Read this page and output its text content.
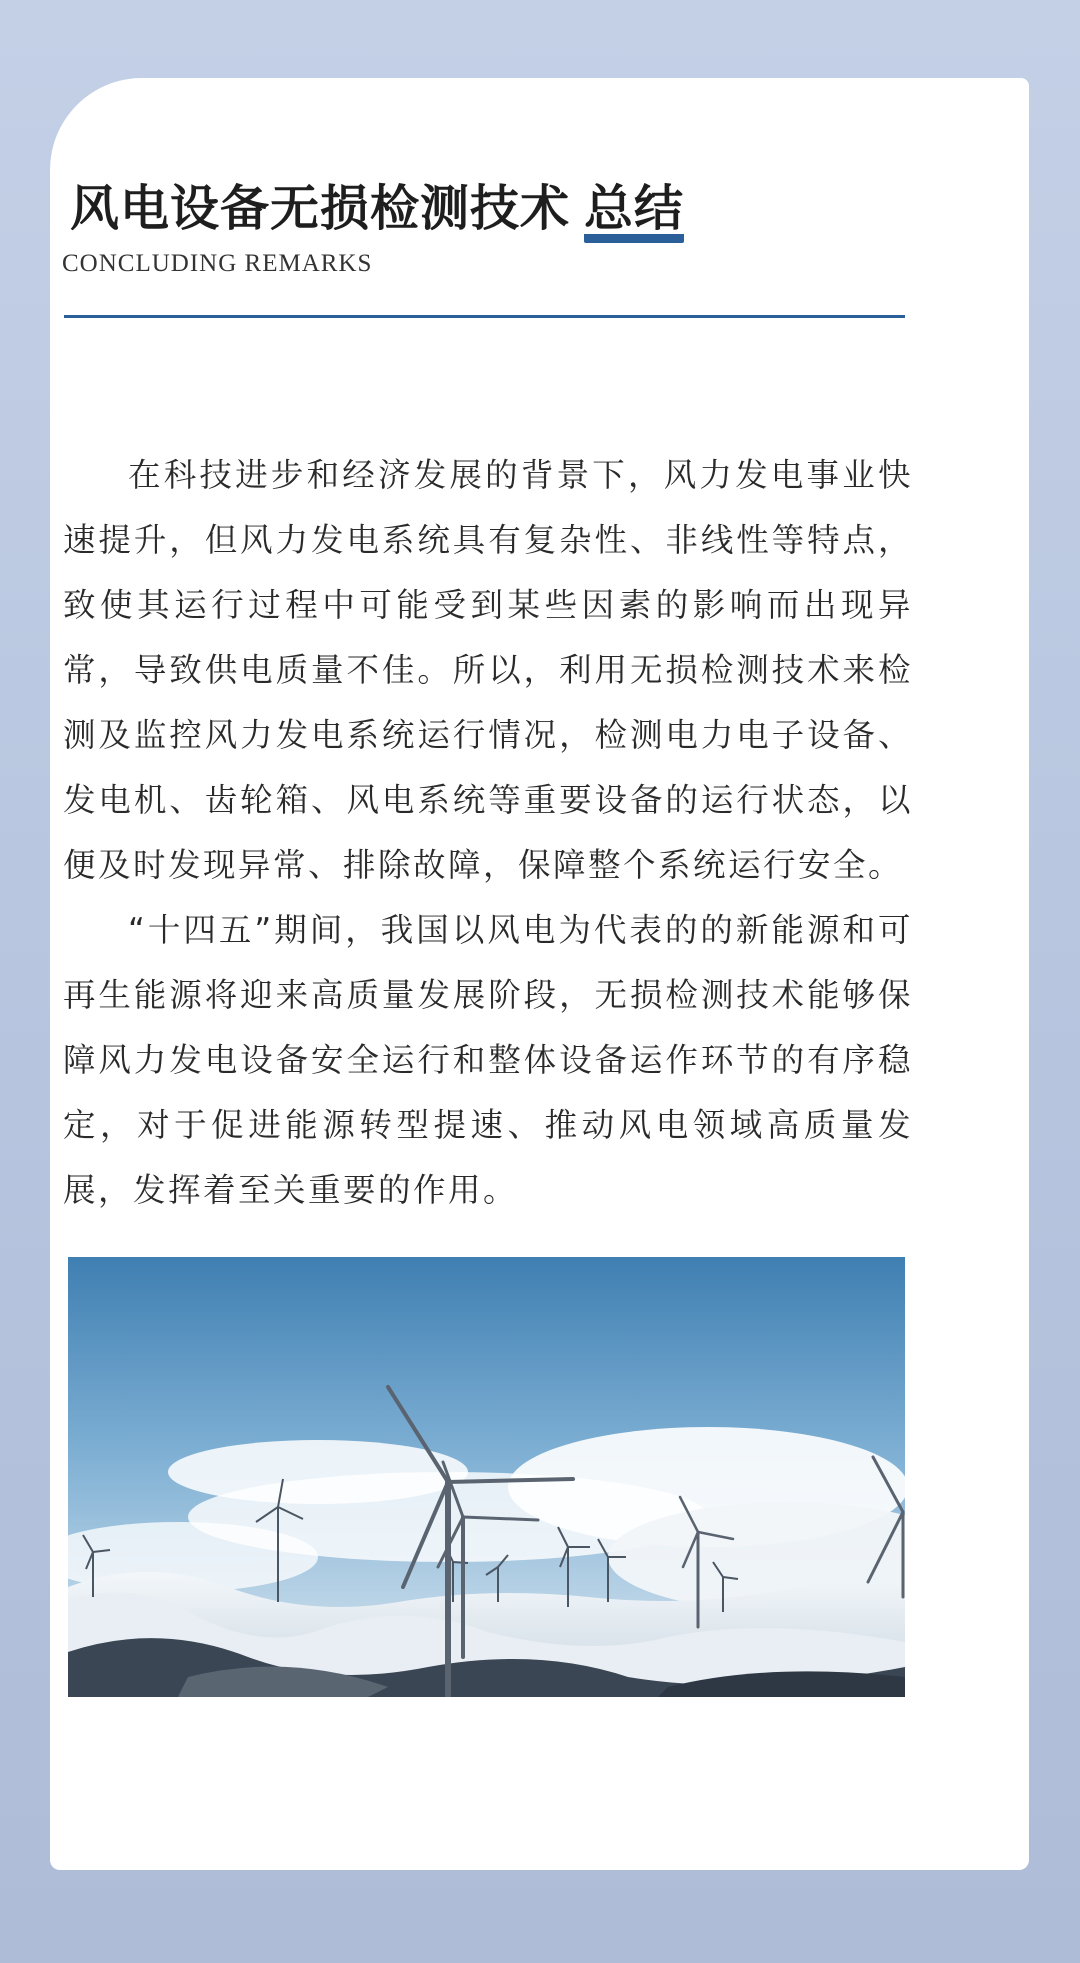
风电设备无损检测技术 总结
CONCLUDING REMARKS

在科技进步和经济发展的背景下，风力发电事业快速提升，但风力发电系统具有复杂性、非线性等特点，致使其运行过程中可能受到某些因素的影响而出现异常，导致供电质量不佳。所以，利用无损检测技术来检测及监控风力发电系统运行情况，检测电力电子设备、发电机、齿轮箱、风电系统等重要设备的运行状态，以便及时发现异常、排除故障，保障整个系统运行安全。

“十四五”期间，我国以风电为代表的的新能源和可再生能源将迎来高质量发展阶段，无损检测技术能够保障风力发电设备安全运行和整体设备运作环节的有序稳定，对于促进能源转型提速、推动风电领域高质量发展，发挥着至关重要的作用。
